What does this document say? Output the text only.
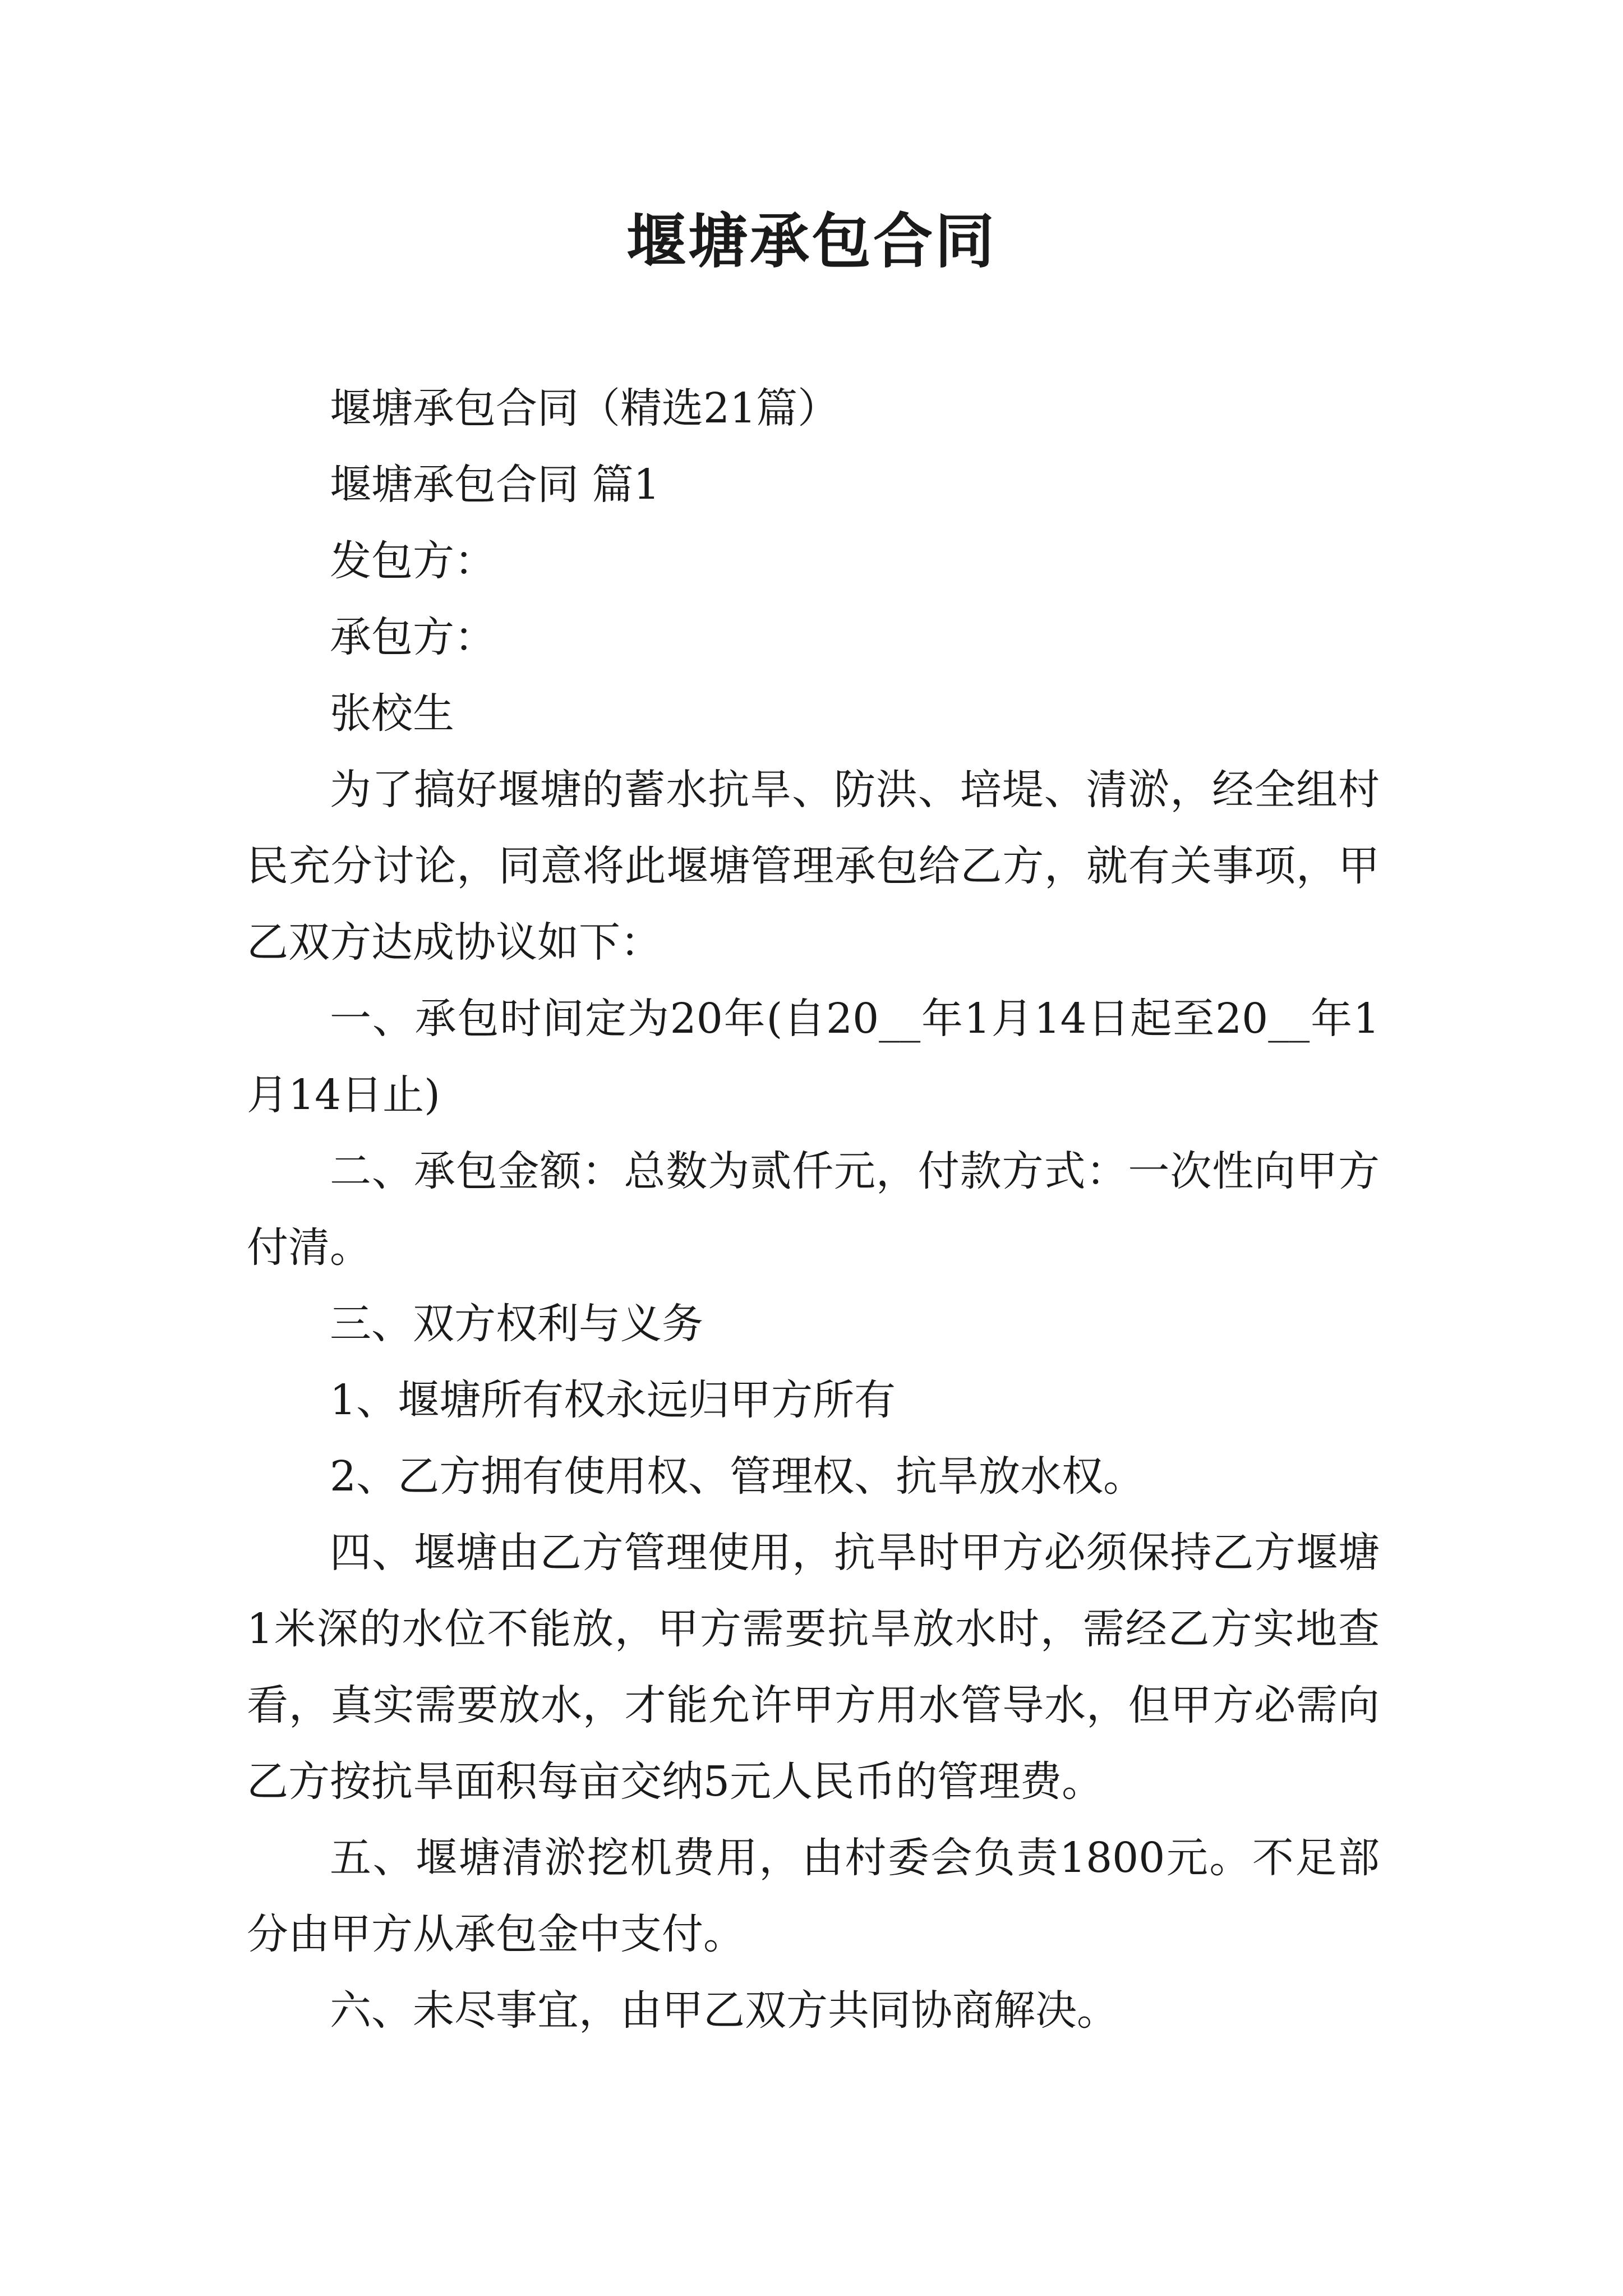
堰塘承包合同

堰塘承包合同（精选21篇）

堰塘承包合同 篇1

发包方：

承包方：

张校生

为了搞好堰塘的蓄水抗旱、防洪、培堤、清淤，经全组村民充分讨论，同意将此堰塘管理承包给乙方，就有关事项，甲乙双方达成协议如下：

一、承包时间定为20年(自20__年1月14日起至20__年1月14日止)

二、承包金额：总数为贰仟元，付款方式：一次性向甲方付清。

三、双方权利与义务

1、堰塘所有权永远归甲方所有

2、乙方拥有使用权、管理权、抗旱放水权。

四、堰塘由乙方管理使用，抗旱时甲方必须保持乙方堰塘1米深的水位不能放，甲方需要抗旱放水时，需经乙方实地查看，真实需要放水，才能允许甲方用水管导水，但甲方必需向乙方按抗旱面积每亩交纳5元人民币的管理费。

五、堰塘清淤挖机费用，由村委会负责1800元。不足部分由甲方从承包金中支付。

六、未尽事宜，由甲乙双方共同协商解决。
